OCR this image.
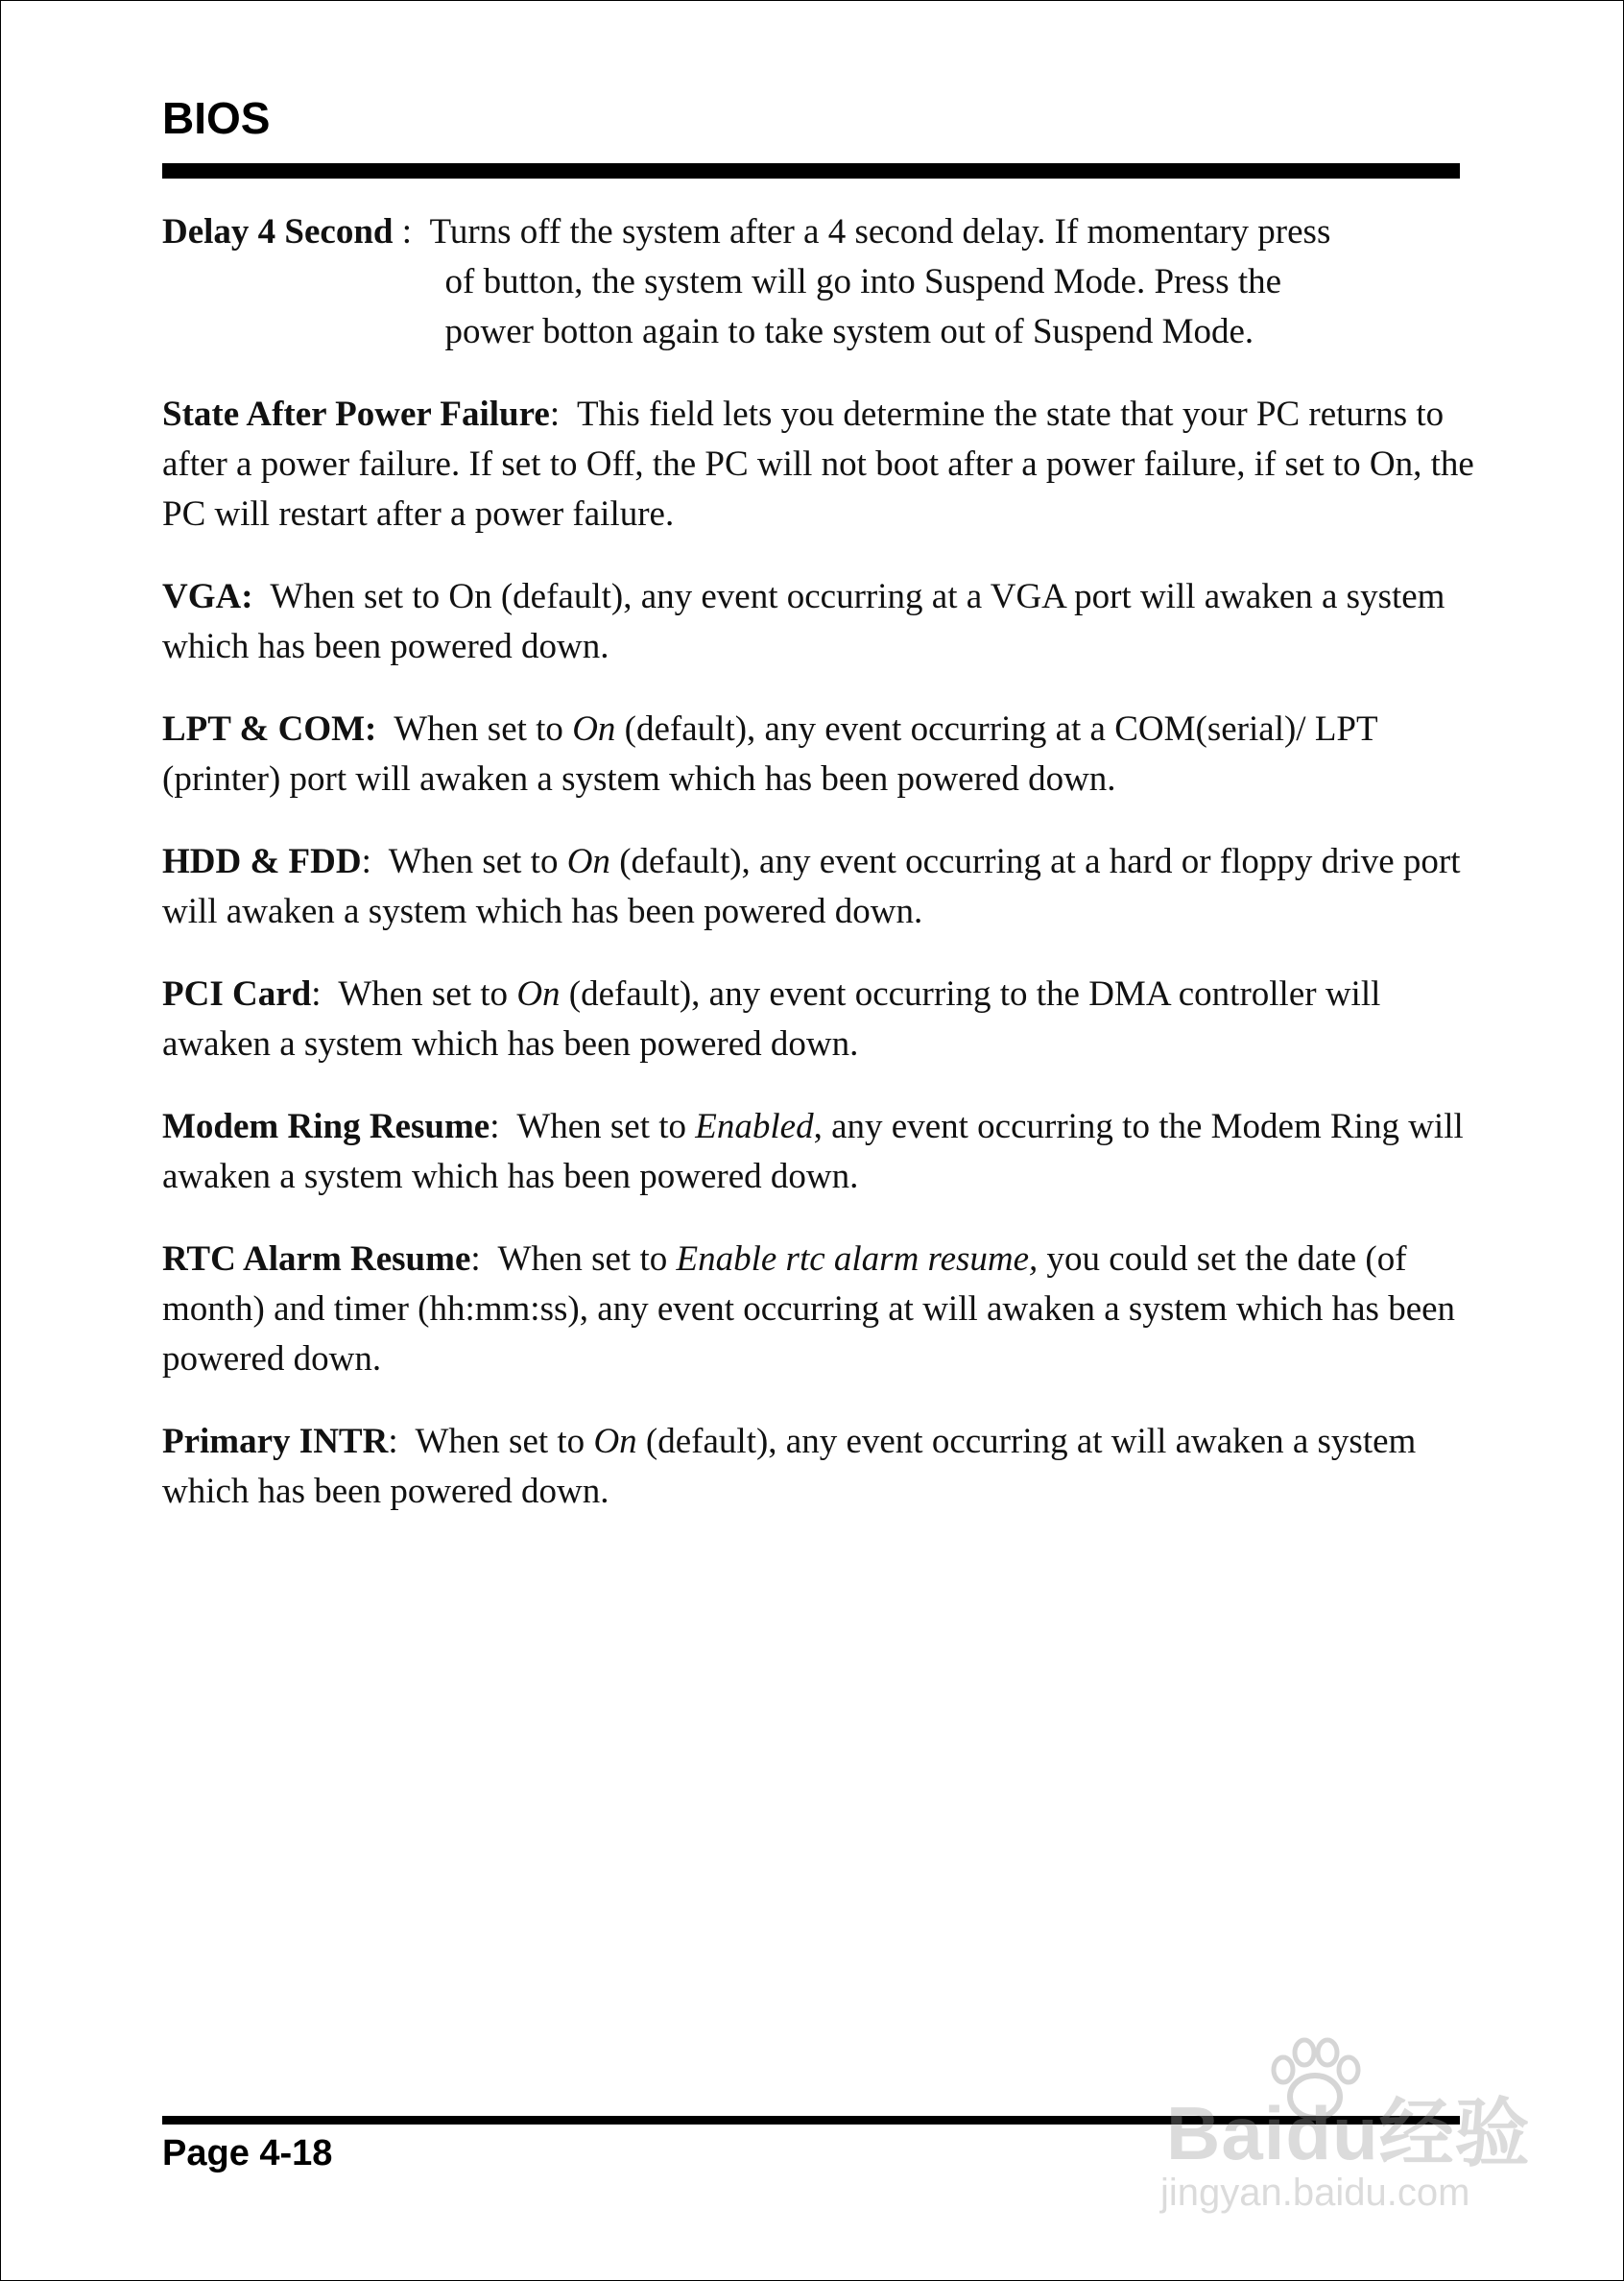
BIOS
Delay 4 Second : Turns off the system after a 4 second delay. If momentary press
of button, the system will go into Suspend Mode. Press the
power botton again to take system out of Suspend Mode.

State After Power Failure:  This field lets you determine the state that your PC returns to after a power failure. If set to Off, the PC will not boot after a power failure, if set to On, the PC will restart after a power failure.

VGA: When set to On (default), any event occurring at a VGA port will awaken a system which has been powered down.

LPT & COM: When set to On (default), any event occurring at a COM(serial)/ LPT (printer) port will awaken a system which has been powered down.

HDD & FDD:  When set to On (default), any event occurring at a hard or floppy drive port will awaken a system which has been powered down.

PCI Card:  When set to On (default), any event occurring to the DMA controller will awaken a system which has been powered down.

Modem Ring Resume:  When set to Enabled, any event occurring to the Modem Ring will awaken a system which has been powered down.

RTC Alarm Resume:  When set to Enable rtc alarm resume, you could set the date (of month) and timer (hh:mm:ss), any event occurring at will awaken a system which has been powered down.

Primary INTR:  When set to On (default), any event occurring at will awaken a system which has been powered down.

Page 4-18	Baidu经验
jingyan.baidu.com
